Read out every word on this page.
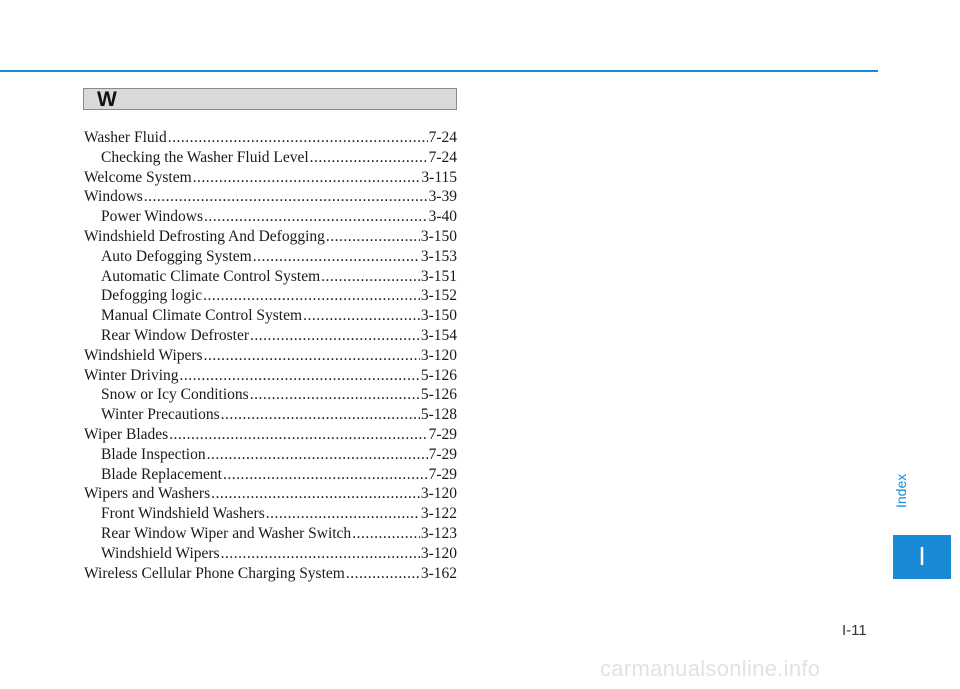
W
Washer Fluid .....	7-24
Checking the Washer Fluid Level .....	7-24
Welcome System .....	3-115
Windows .....	3-39
Power Windows .....	3-40
Windshield Defrosting And Defogging .....	3-150
Auto Defogging System .....	3-153
Automatic Climate Control System .....	3-151
Defogging logic .....	3-152
Manual Climate Control System .....	3-150
Rear Window Defroster .....	3-154
Windshield Wipers .....	3-120
Winter Driving .....	5-126
Snow or Icy Conditions .....	5-126
Winter Precautions .....	5-128
Wiper Blades .....	7-29
Blade Inspection .....	7-29
Blade Replacement .....	7-29
Wipers and Washers .....	3-120
Front Windshield Washers .....	3-122
Rear Window Wiper and Washer Switch .....	3-123
Windshield Wipers .....	3-120
Wireless Cellular Phone Charging System .....	3-162
Index
I
I-11
carmanualsonline.info
